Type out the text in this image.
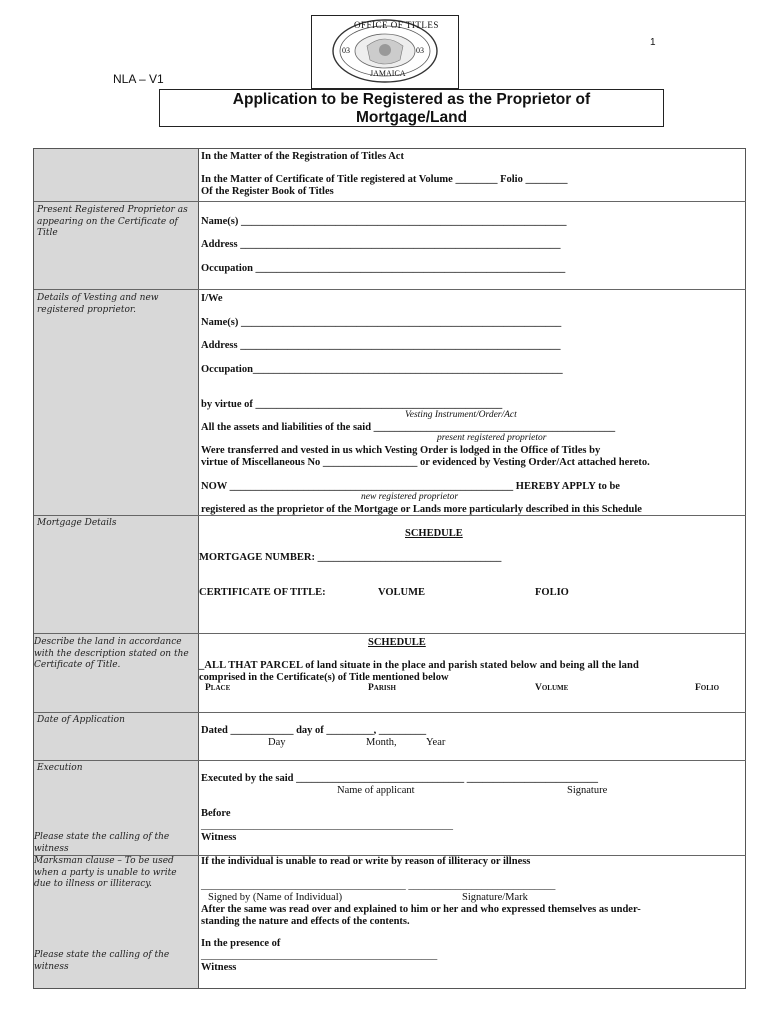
1
NLA – V1
OFFICE OF TITLES
JAMAICA
03	03
Application to be Registered as the Proprietor of
Mortgage/Land
In the Matter of the Registration of Titles Act
In the Matter of Certificate of Title registered at Volume ________ Folio ________
Of the Register Book of Titles
Present Registered Proprietor as appearing on the Certificate of Title
Name(s) ______________________________________________________________
Address _____________________________________________________________
Occupation ___________________________________________________________
Details of Vesting and new registered proprietor.
I/We
Name(s) _____________________________________________________________
Address _____________________________________________________________
Occupation___________________________________________________________
by virtue of _______________________________________________
Vesting Instrument/Order/Act
All the assets and liabilities of the said ______________________________________________
present registered proprietor
Were transferred and vested in us which Vesting Order is lodged in the Office of Titles by
virtue of Miscellaneous No __________________ or evidenced by Vesting Order/Act attached hereto.
NOW ______________________________________________________ HEREBY APPLY to be
new registered proprietor
registered as the proprietor of the Mortgage or Lands more particularly described in this Schedule
Mortgage Details
SCHEDULE
MORTGAGE NUMBER: ___________________________________
CERTIFICATE OF TITLE:	VOLUME	FOLIO
Describe the land in accordance with the description stated on the Certificate of Title.
SCHEDULE
_ALL THAT PARCEL of land situate in the place and parish stated below and being all the land
comprised in the Certificate(s) of Title mentioned below
Place	Parish	Volume	Folio
Date of Application
Dated ____________ day of _________, _________
Day	Month,	Year
Execution
Executed by the said ________________________________ _________________________
Name of applicant	Signature
Before
________________________________________________
Witness
Please state the calling of the witness
Marksman clause – To be used when a party is unable to write due to illness or illiteracy.
If the individual is unable to read or write by reason of illiteracy or illness
_______________________________________ ____________________________
Signed by (Name of Individual)	Signature/Mark
After the same was read over and explained to him or her and who expressed themselves as under-
standing the nature and effects of the contents.
In the presence of
_____________________________________________
Witness
Please state the calling of the witness
